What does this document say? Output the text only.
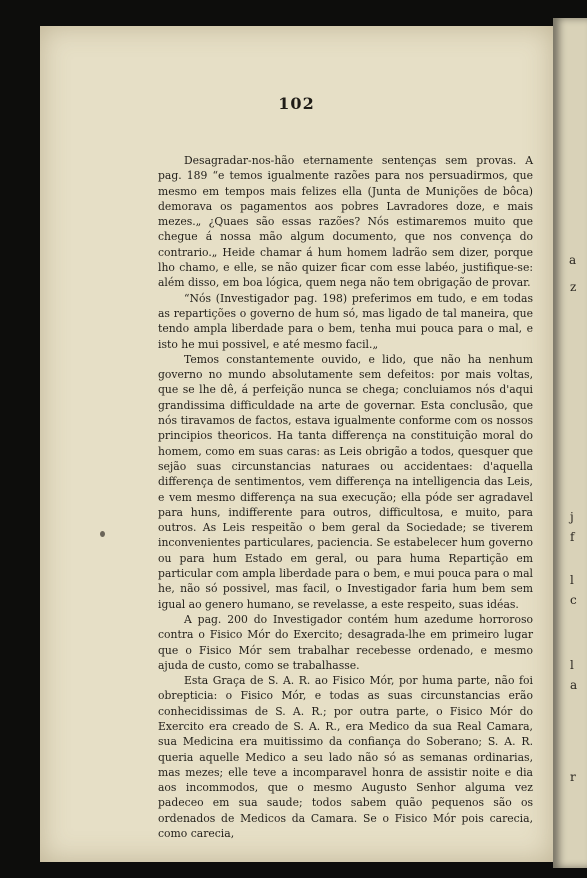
102

Desagradar-nos-hão eternamente sentenças sem provas. A pag. 189 “e temos igualmente razões para nos persuadirmos, que mesmo em tempos mais felizes ella (Junta de Munições de bôca) demorava os pagamentos aos pobres Lavradores doze, e mais mezes.„ ¿Quaes são essas razões? Nós estimaremos muito que chegue á nossa mão algum documento, que nos convença do contrario.„ Heide chamar á hum homem ladrão sem dizer, porque lho chamo, e elle, se não quizer ficar com esse labéo, justifique-se: além disso, em boa lógica, quem nega não tem obrigação de provar.

“Nós (Investigador pag. 198) preferimos em tudo, e em todas as repartições o governo de hum só, mas ligado de tal maneira, que tendo ampla liberdade para o bem, tenha mui pouca para o mal, e isto he mui possivel, e até mesmo facil.„

Temos constantemente ouvido, e lido, que não ha nenhum governo no mundo absolutamente sem defeitos: por mais voltas, que se lhe dê, á perfeição nunca se chega; concluiamos nós d'aqui grandissima difficuldade na arte de governar. Esta conclusão, que nós tiravamos de factos, estava igualmente conforme com os nossos principios theoricos. Ha tanta differença na constituição moral do homem, como em suas caras: as Leis obrigão a todos, quesquer que sejão suas circunstancias naturaes ou accidentaes: d'aquella differença de sentimentos, vem differença na intelligencia das Leis, e vem mesmo differença na sua execução; ella póde ser agradavel para huns, indifferente para outros, difficultosa, e muito, para outros. As Leis respeitão o bem geral da Sociedade; se tiverem inconvenientes particulares, paciencia. Se estabelecer hum governo ou para hum Estado em geral, ou para huma Repartição em particular com ampla liberdade para o bem, e mui pouca para o mal he, não só possivel, mas facil, o Investigador faria hum bem sem igual ao genero humano, se revelasse, a este respeito, suas idéas.

A pag. 200 do Investigador contém hum azedume horroroso contra o Fisico Mór do Exercito; desagrada-lhe em primeiro lugar que o Fisico Mór sem trabalhar recebesse ordenado, e mesmo ajuda de custo, como se trabalhasse.

Esta Graça de S. A. R. ao Fisico Mór, por huma parte, não foi obrepticia: o Fisico Mór, e todas as suas circunstancias erão conhecidissimas de S. A. R.; por outra parte, o Fisico Mór do Exercito era creado de S. A. R., era Medico da sua Real Camara, sua Medicina era muitissimo da confiança do Soberano; S. A. R. queria aquelle Medico a seu lado não só as semanas ordinarias, mas mezes; elle teve a incomparavel honra de assistir noite e dia aos incommodos, que o mesmo Augusto Senhor alguma vez padeceo em sua saude; todos sabem quão pequenos são os ordenados de Medicos da Camara. Se o Fisico Mór pois carecia, como carecia,

a
z
j
f
l
c
l
a
r
